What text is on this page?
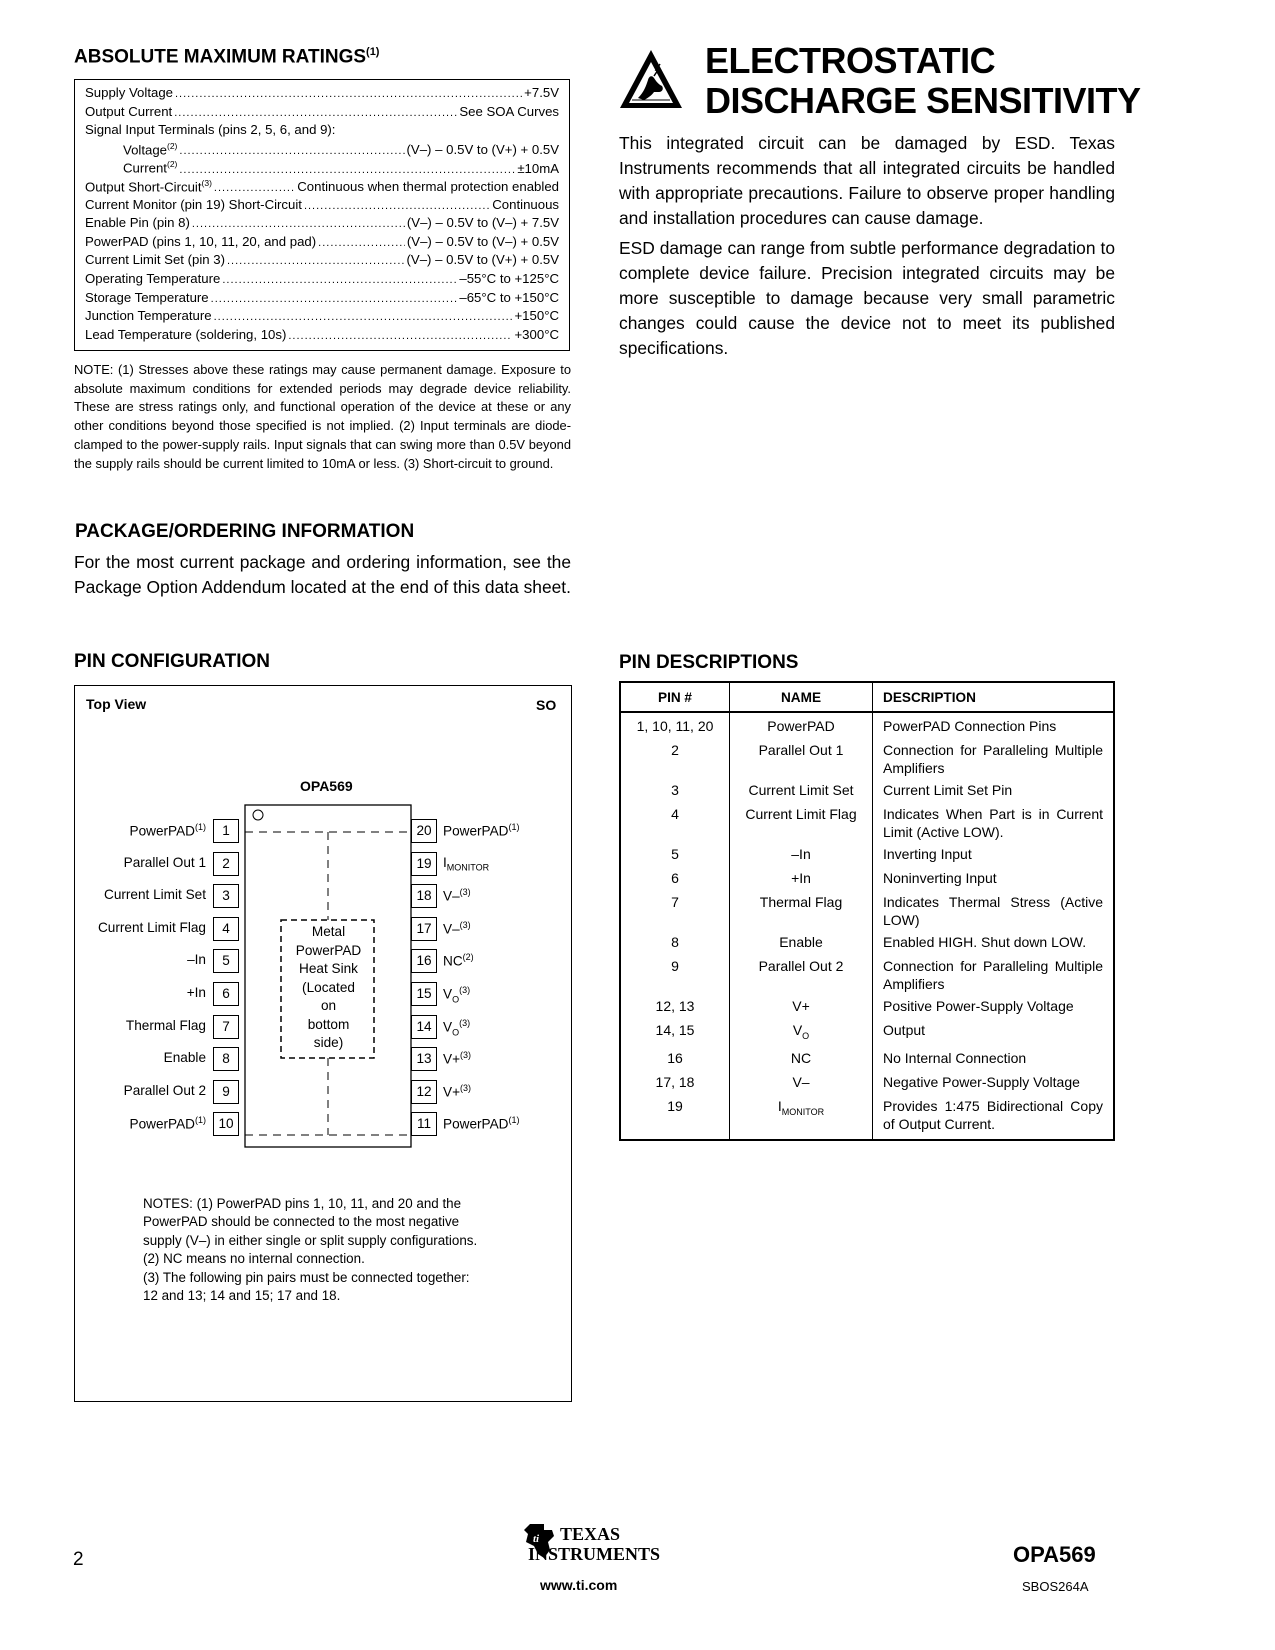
ABSOLUTE MAXIMUM RATINGS$^{(1)}$
Supply Voltage .....	+7.5V
Output Current .....	See SOA Curves
Signal Input Terminals (pins 2, 5, 6, and 9):
Voltage$^{(2)}$ .....	(V–) – 0.5V to (V+) + 0.5V
Current$^{(2)}$ .....	±10mA
Output Short-Circuit$^{(3)}$ .....	Continuous when thermal protection enabled
Current Monitor (pin 19) Short-Circuit .....	Continuous
Enable Pin (pin 8) .....	(V–) – 0.5V to (V–) + 7.5V
PowerPAD (pins 1, 10, 11, 20, and pad) .....	(V–) – 0.5V to (V–) + 0.5V
Current Limit Set (pin 3) .....	(V–) – 0.5V to (V+) + 0.5V
Operating Temperature .....	–55°C to +125°C
Storage Temperature .....	–65°C to +150°C
Junction Temperature .....	+150°C
Lead Temperature (soldering, 10s) .....	+300°C

NOTE: (1) Stresses above these ratings may cause permanent damage. Exposure to absolute maximum conditions for extended periods may degrade device reliability. These are stress ratings only, and functional operation of the device at these or any other conditions beyond those specified is not implied. (2) Input terminals are diode-clamped to the power-supply rails. Input signals that can swing more than 0.5V beyond the supply rails should be current limited to 10mA or less. (3) Short-circuit to ground.

PACKAGE/ORDERING INFORMATION

For the most current package and ordering information, see the Package Option Addendum located at the end of this data sheet.

ELECTROSTATIC
DISCHARGE SENSITIVITY

This integrated circuit can be damaged by ESD. Texas Instruments recommends that all integrated circuits be handled with appropriate precautions. Failure to observe proper handling and installation procedures can cause damage.

ESD damage can range from subtle performance degradation to complete device failure. Precision integrated circuits may be more susceptible to damage because very small parametric changes could cause the device not to meet its published specifications.

PIN CONFIGURATION
Top View	SO
OPA569
Metal
PowerPAD
Heat Sink
(Located
on
bottom
side)
1
PowerPAD$^{(1)}$
2
Parallel Out 1
3
Current Limit Set
4
Current Limit Flag
5
–In
6
+In
7
Thermal Flag
8
Enable
9
Parallel Out 2
10
PowerPAD$^{(1)}$
20 PowerPAD$^{(1)}$
19 $I_{MONITOR}$
18 V–$^{(3)}$
17 V–$^{(3)}$
16 NC$^{(2)}$
15 $V_O^{(3)}$
14 $V_O^{(3)}$
13 V+$^{(3)}$
12 V+$^{(3)}$
11 PowerPAD$^{(1)}$
NOTES: (1) PowerPAD pins 1, 10, 11, and 20 and the
PowerPAD should be connected to the most negative
supply (V–) in either single or split supply configurations.
(2) NC means no internal connection.
(3) The following pin pairs must be connected together:
12 and 13; 14 and 15; 17 and 18.
PIN DESCRIPTIONS
PIN #	NAME	DESCRIPTION
1, 10, 11, 20	PowerPAD	PowerPAD Connection Pins
2	Parallel Out 1	Connection for Paralleling Multiple Amplifiers
3	Current Limit Set	Current Limit Set Pin
4	Current Limit Flag	Indicates When Part is in Current Limit (Active LOW).
5	–In	Inverting Input
6	+In	Noninverting Input
7	Thermal Flag	Indicates Thermal Stress (Active LOW)
8	Enable	Enabled HIGH. Shut down LOW.
9	Parallel Out 2	Connection for Paralleling Multiple Amplifiers
12, 13	V+	Positive Power-Supply Voltage
14, 15	$V_O$	Output
16	NC	No Internal Connection
17, 18	V–	Negative Power-Supply Voltage
19	$I_{MONITOR}$	Provides 1:475 Bidirectional Copy of Output Current.
2
ti TEXAS
INSTRUMENTS
www.ti.com
OPA569
SBOS264A
